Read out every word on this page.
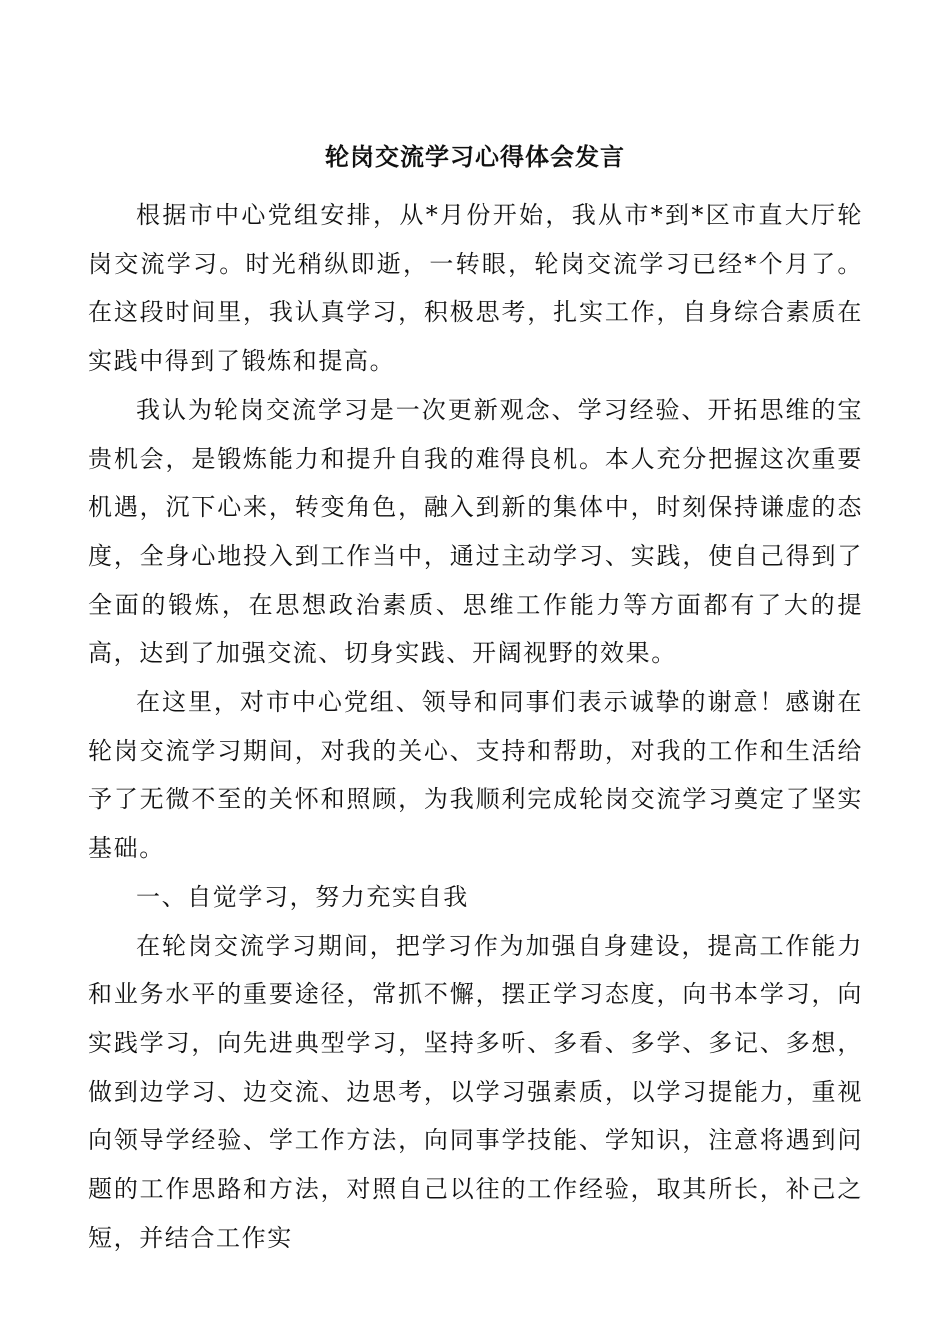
轮岗交流学习心得体会发言

根据市中心党组安排，从*月份开始，我从市*到*区市直大厅轮岗交流学习。时光稍纵即逝，一转眼，轮岗交流学习已经*个月了。在这段时间里，我认真学习，积极思考，扎实工作，自身综合素质在实践中得到了锻炼和提高。

我认为轮岗交流学习是一次更新观念、学习经验、开拓思维的宝贵机会，是锻炼能力和提升自我的难得良机。本人充分把握这次重要机遇，沉下心来，转变角色，融入到新的集体中，时刻保持谦虚的态度，全身心地投入到工作当中，通过主动学习、实践，使自己得到了全面的锻炼，在思想政治素质、思维工作能力等方面都有了大的提高，达到了加强交流、切身实践、开阔视野的效果。

在这里，对市中心党组、领导和同事们表示诚挚的谢意！感谢在轮岗交流学习期间，对我的关心、支持和帮助，对我的工作和生活给予了无微不至的关怀和照顾，为我顺利完成轮岗交流学习奠定了坚实基础。

一、自觉学习，努力充实自我

在轮岗交流学习期间，把学习作为加强自身建设，提高工作能力和业务水平的重要途径，常抓不懈，摆正学习态度，向书本学习，向实践学习，向先进典型学习，坚持多听、多看、多学、多记、多想，做到边学习、边交流、边思考，以学习强素质，以学习提能力，重视向领导学经验、学工作方法，向同事学技能、学知识，注意将遇到问题的工作思路和方法，对照自己以往的工作经验，取其所长，补己之短，并结合工作实
